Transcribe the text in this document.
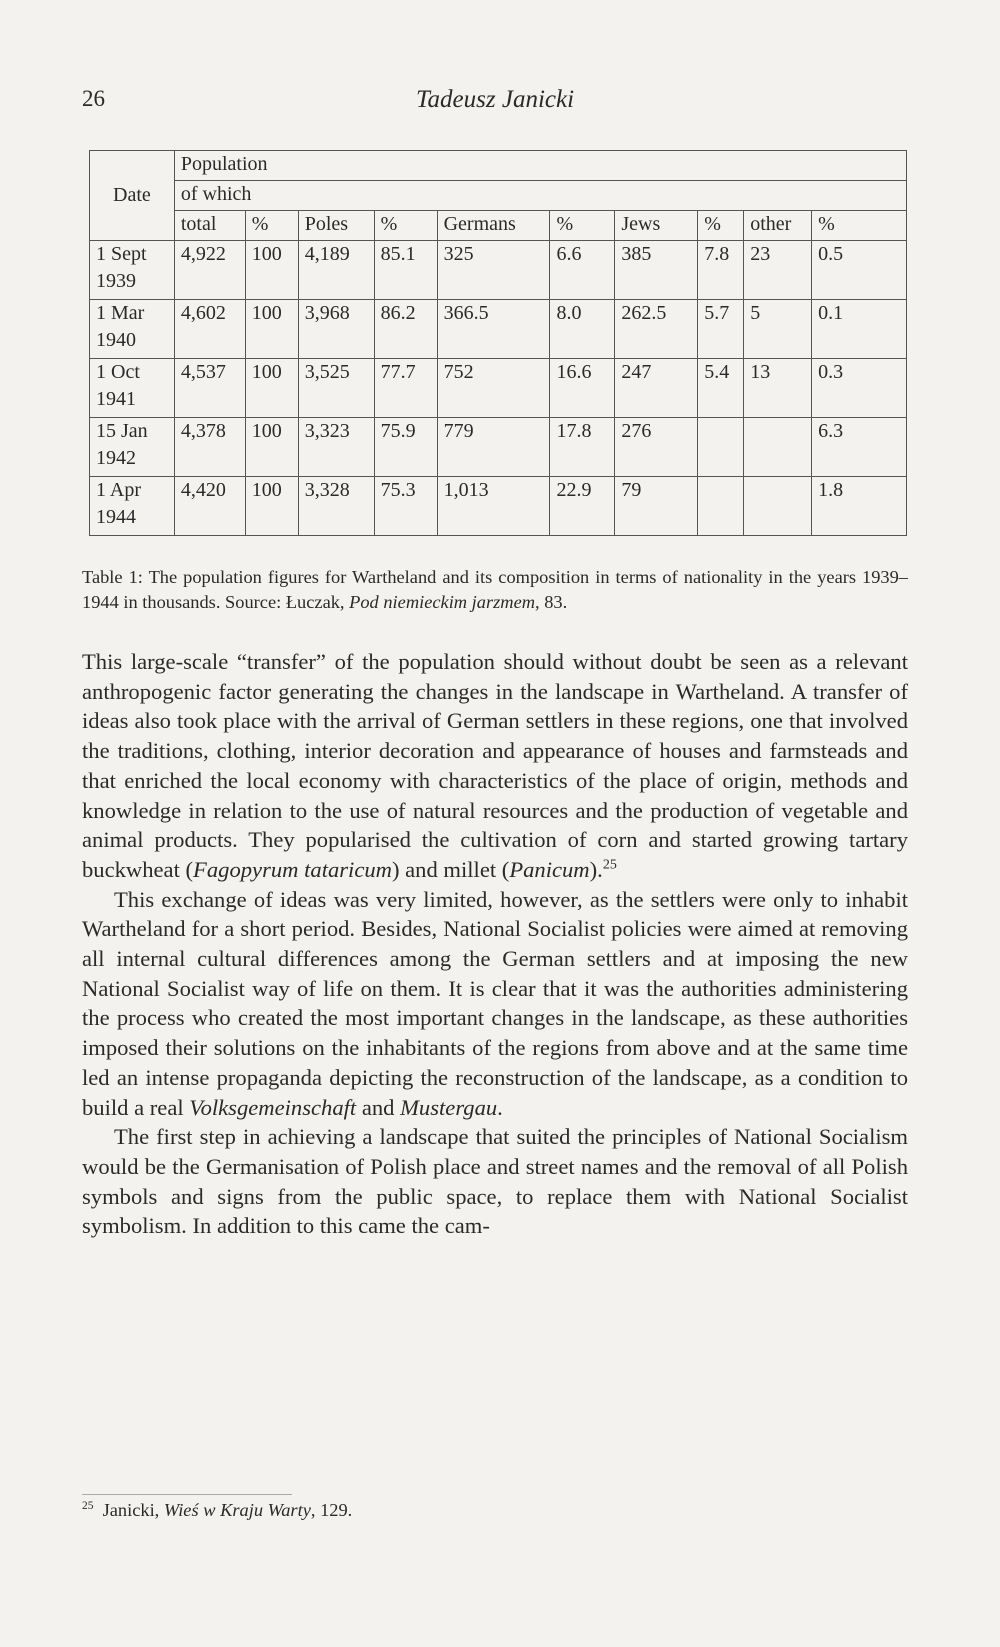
26	Tadeusz Janicki
Date	Population									
	of which									
	total	%	Poles	%	Germans	%	Jews	%	other	%
1 Sept 1939	4,922	100	4,189	85.1	325	6.6	385	7.8	23	0.5
1 Mar 1940	4,602	100	3,968	86.2	366.5	8.0	262.5	5.7	5	0.1
1 Oct 1941	4,537	100	3,525	77.7	752	16.6	247	5.4	13	0.3
15 Jan 1942	4,378	100	3,323	75.9	779	17.8	276			6.3
1 Apr 1944	4,420	100	3,328	75.3	1,013	22.9	79			1.8

Table 1: The population figures for Wartheland and its composition in terms of nationality in the years 1939–1944 in thousands. Source: Łuczak, Pod niemieckim jarzmem, 83.

This large-scale “transfer” of the population should without doubt be seen as a relevant anthropogenic factor generating the changes in the landscape in Wartheland. A transfer of ideas also took place with the arrival of German settlers in these regions, one that involved the traditions, clothing, interior decoration and appearance of houses and farmsteads and that enriched the local economy with characteristics of the place of origin, methods and knowledge in relation to the use of natural resources and the production of vegetable and animal products. They popularised the cultivation of corn and started growing tartary buckwheat (Fagopyrum tataricum) and millet (Panicum).$^{25}$

This exchange of ideas was very limited, however, as the settlers were only to inhabit Wartheland for a short period. Besides, National Socialist policies were aimed at removing all internal cultural differences among the German settlers and at imposing the new National Socialist way of life on them. It is clear that it was the authorities administering the process who created the most important changes in the landscape, as these authorities imposed their solutions on the inhabitants of the regions from above and at the same time led an intense propaganda depicting the reconstruction of the landscape, as a condition to build a real Volksgemeinschaft and Mustergau.

The first step in achieving a landscape that suited the principles of National Socialism would be the Germanisation of Polish place and street names and the removal of all Polish symbols and signs from the public space, to replace them with National Socialist symbolism. In addition to this came the cam-

$^{25}$ Janicki, Wieś w Kraju Warty, 129.
